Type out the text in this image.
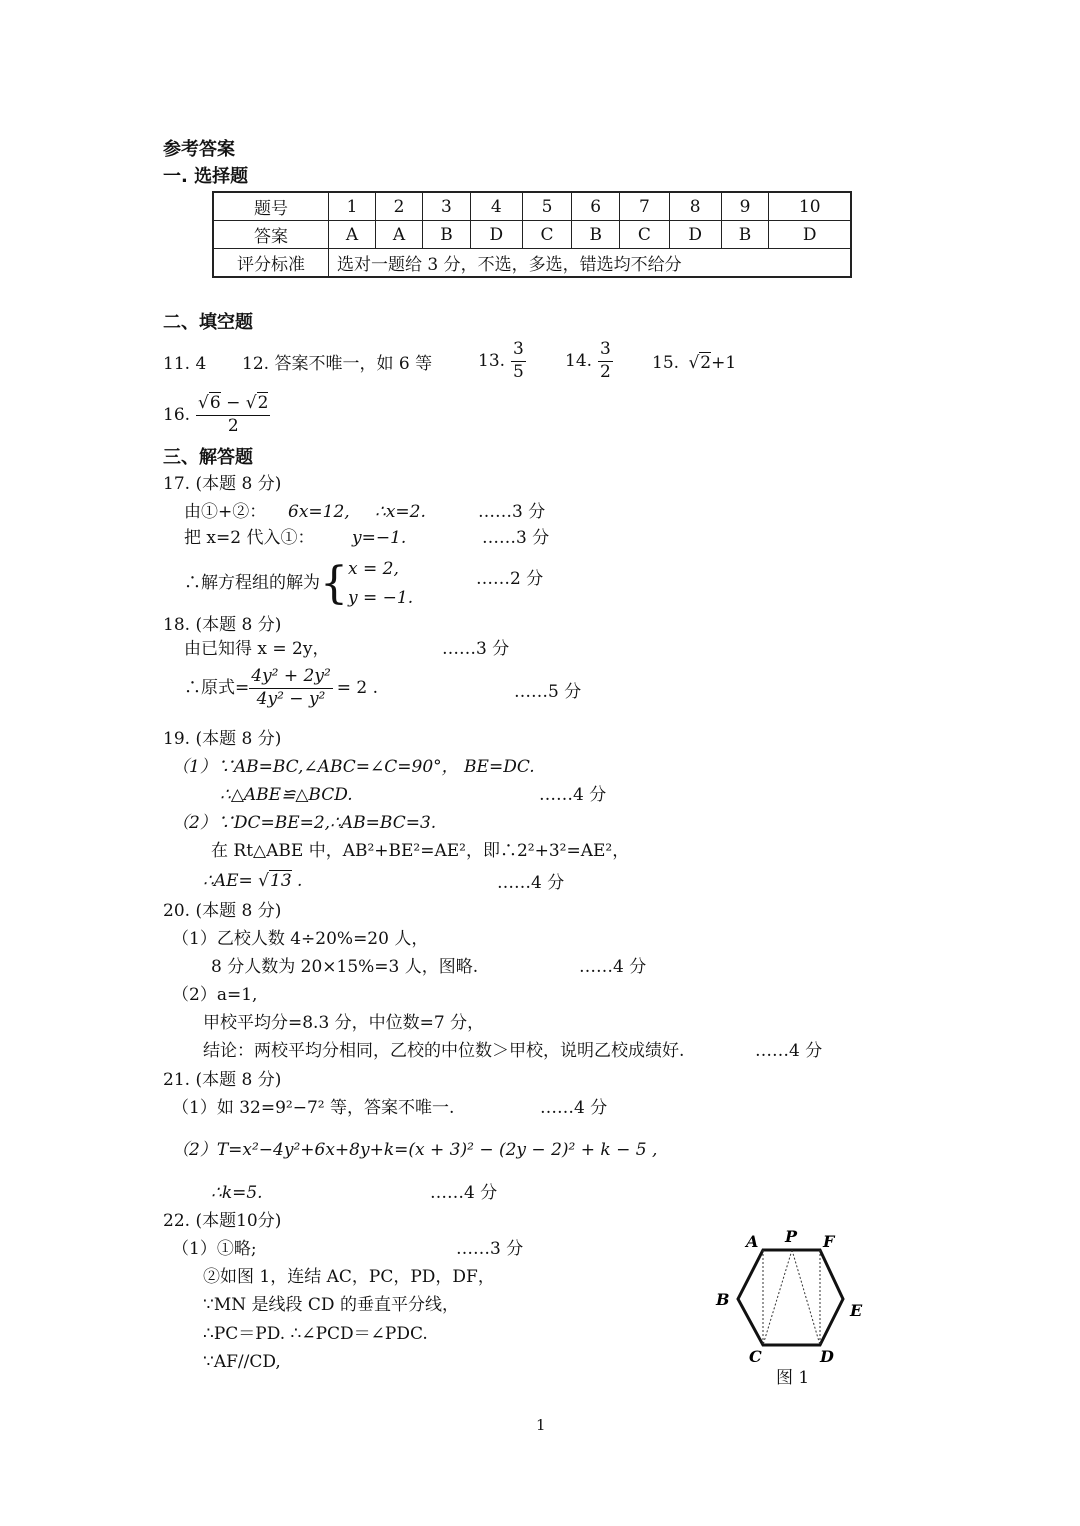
参考答案
一. 选择题
题号	1	2	3	4	5	6	7	8	9	10
答案	A	A	B	D	C	B	C	D	B	D
评分标准	选对一题给 3 分，不选，多选，错选均不给分									
二、填空题
11. 4 12. 答案不唯一，如 6 等	13. $\frac{3}{5} 14$. $\frac{3}{2} 15$. √2+1
16. $\frac{√6 - √2}{2}$
三、解答题
17. (本题 8 分)
由①+②： 6x=12, ∴x=2.	……3 分
把 x=2 代入①： y=−1.	……3 分
∴解方程组的解为 { x = 2,
y = −1.
……2 分
18. (本题 8 分)
由已知得 x = 2y，	……3 分
∴原式= $\frac{\text{4y² + 2y²}}{\text{4y² − y²}} = 2$ .	……5 分
19. (本题 8 分)
（1）∵AB=BC,∠ABC=∠C=90°， BE=DC.
∴△ABE≌△BCD.	……4 分
（2）∵DC=BE=2,∴AB=BC=3.
在 Rt△ABE 中，AB²+BE²=AE²，即∴2²+3²=AE²，
∴AE= √13 .	……4 分
20. (本题 8 分)
（1）乙校人数 4÷20%=20 人，
8 分人数为 20×15%=3 人，图略.	……4 分
（2）a=1,
甲校平均分=8.3 分，中位数=7 分，
结论：两校平均分相同，乙校的中位数＞甲校，说明乙校成绩好.	……4 分
21. (本题 8 分)
（1）如 32=9²−7² 等，答案不唯一.	……4 分
（2）T=x²−4y²+6x+8y+k=(x + 3)² − (2y − 2)² + k − 5 ,
∴k=5.	……4 分
22. (本题10分)
（1）①略;	……3 分
②如图 1，连结 AC，PC，PD，DF，
∵MN 是线段 CD 的垂直平分线，
∴PC＝PD. ∴∠PCD＝∠PDC.
∵AF//CD,
A P F
B
E
C	D
图 1
1
